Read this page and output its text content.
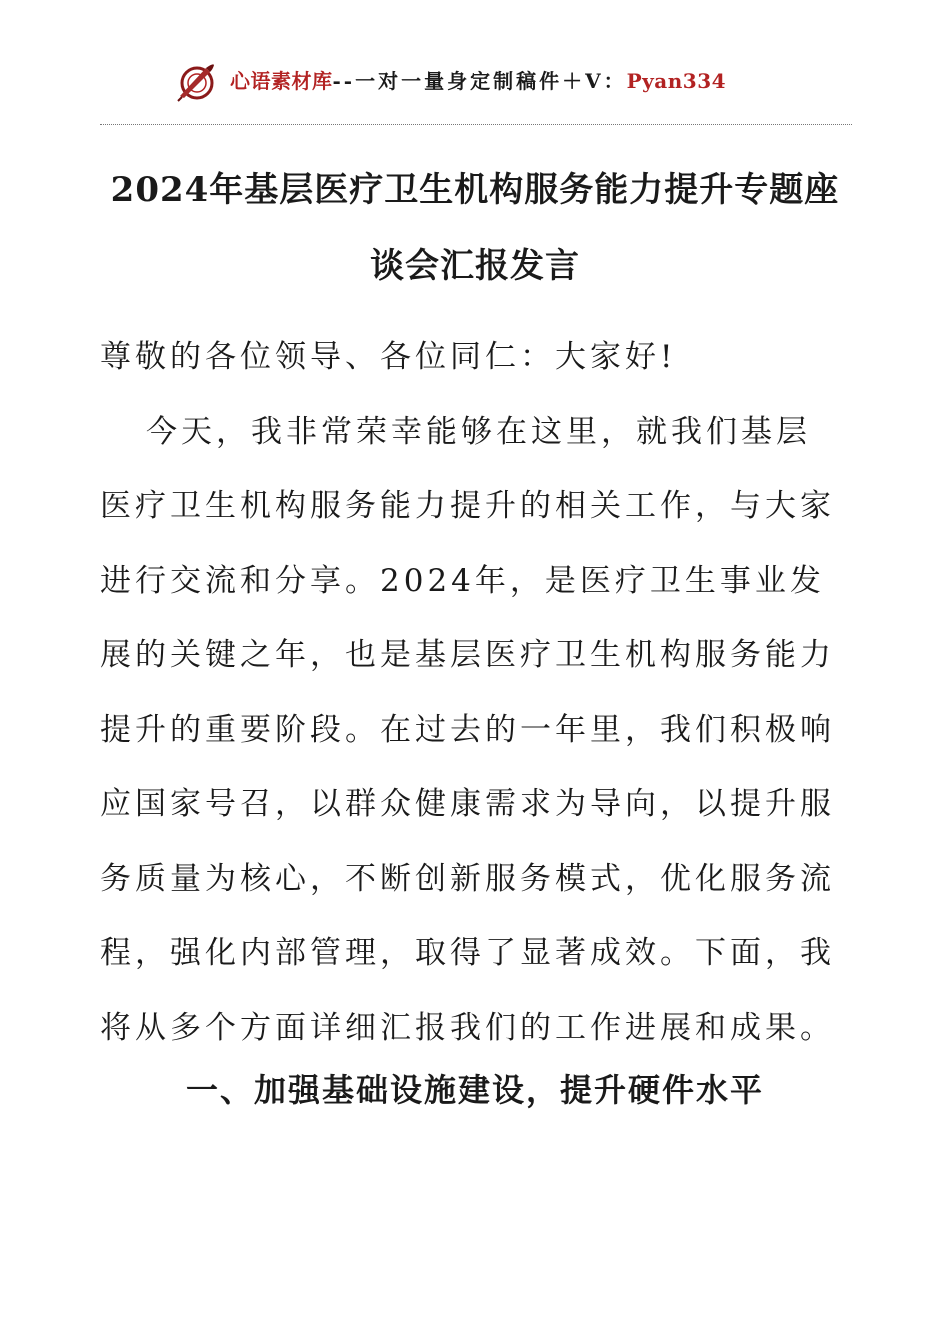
心语素材库--一对一量身定制稿件＋V：Pyan334
2024年基层医疗卫生机构服务能力提升专题座
谈会汇报发言
尊敬的各位领导、各位同仁：大家好!
今天，我非常荣幸能够在这里，就我们基层
医疗卫生机构服务能力提升的相关工作，与大家
进行交流和分享。2024年，是医疗卫生事业发
展的关键之年，也是基层医疗卫生机构服务能力
提升的重要阶段。在过去的一年里，我们积极响
应国家号召，以群众健康需求为导向，以提升服
务质量为核心，不断创新服务模式，优化服务流
程，强化内部管理，取得了显著成效。下面，我
将从多个方面详细汇报我们的工作进展和成果。
一、加强基础设施建设，提升硬件水平
